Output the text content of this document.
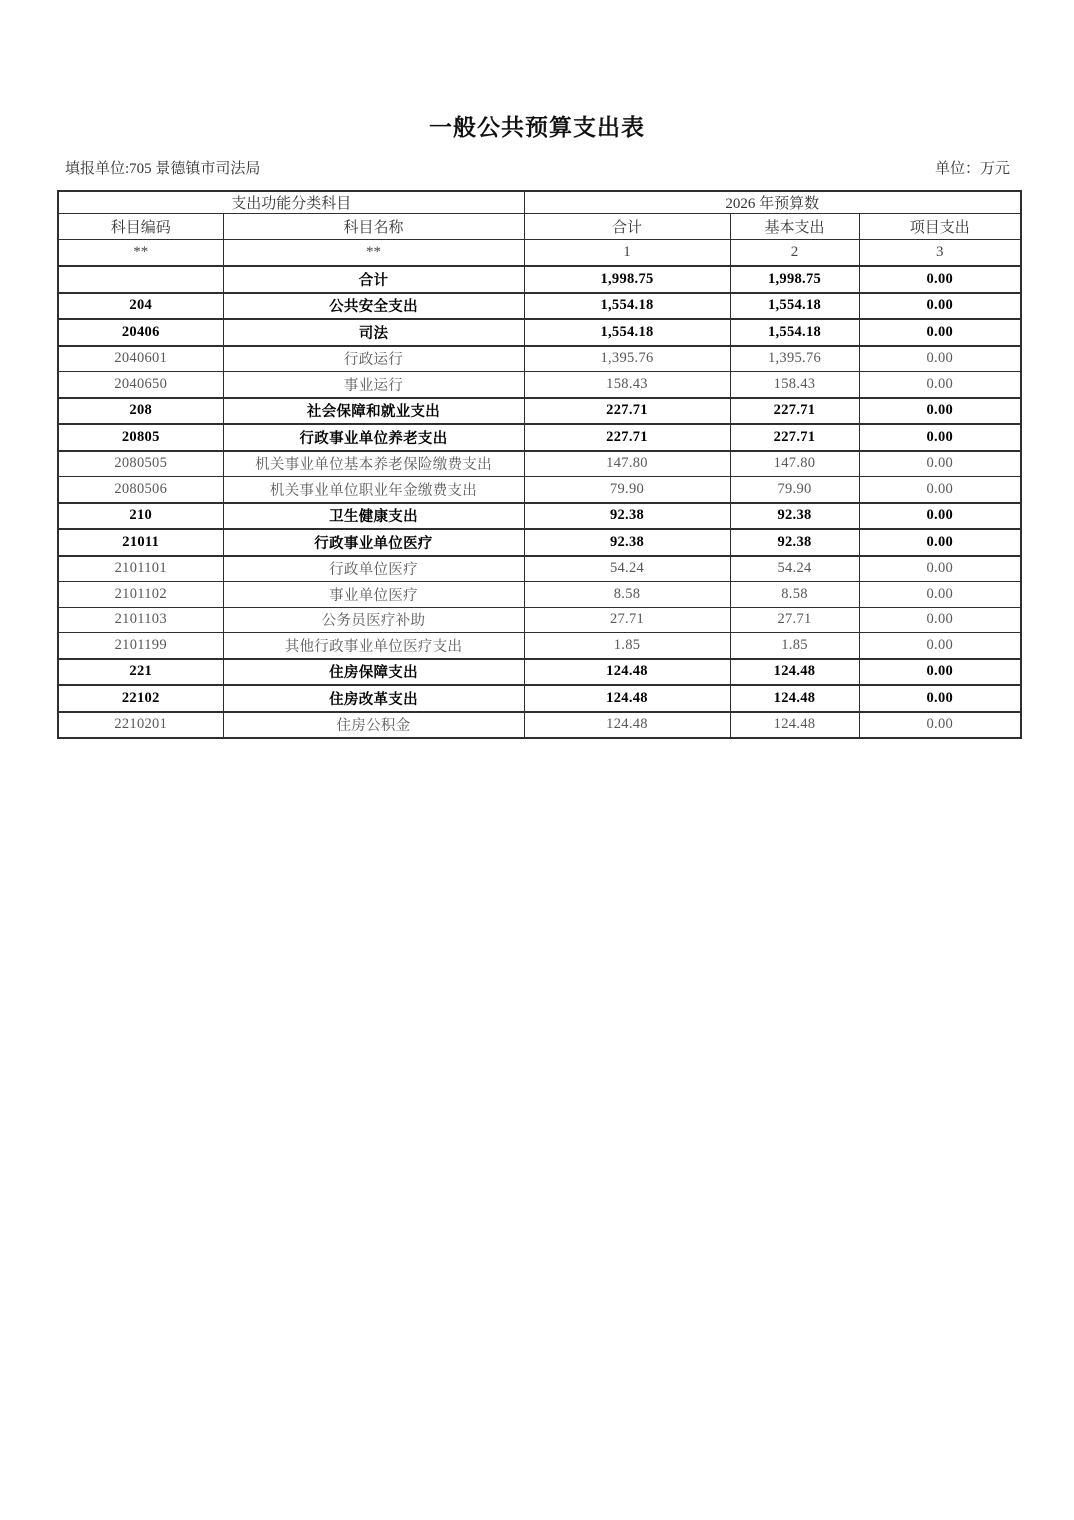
一般公共预算支出表
填报单位:705 景德镇市司法局	单位：万元
支出功能分类科目		2026 年预算数		
科目编码	科目名称	合计	基本支出	项目支出
**	**	1	2	3
	合计	1,998.75	1,998.75	0.00
204	公共安全支出	1,554.18	1,554.18	0.00
20406	司法	1,554.18	1,554.18	0.00
2040601	行政运行	1,395.76	1,395.76	0.00
2040650	事业运行	158.43	158.43	0.00
208	社会保障和就业支出	227.71	227.71	0.00
20805	行政事业单位养老支出	227.71	227.71	0.00
2080505	机关事业单位基本养老保险缴费支出	147.80	147.80	0.00
2080506	机关事业单位职业年金缴费支出	79.90	79.90	0.00
210	卫生健康支出	92.38	92.38	0.00
21011	行政事业单位医疗	92.38	92.38	0.00
2101101	行政单位医疗	54.24	54.24	0.00
2101102	事业单位医疗	8.58	8.58	0.00
2101103	公务员医疗补助	27.71	27.71	0.00
2101199	其他行政事业单位医疗支出	1.85	1.85	0.00
221	住房保障支出	124.48	124.48	0.00
22102	住房改革支出	124.48	124.48	0.00
2210201	住房公积金	124.48	124.48	0.00
